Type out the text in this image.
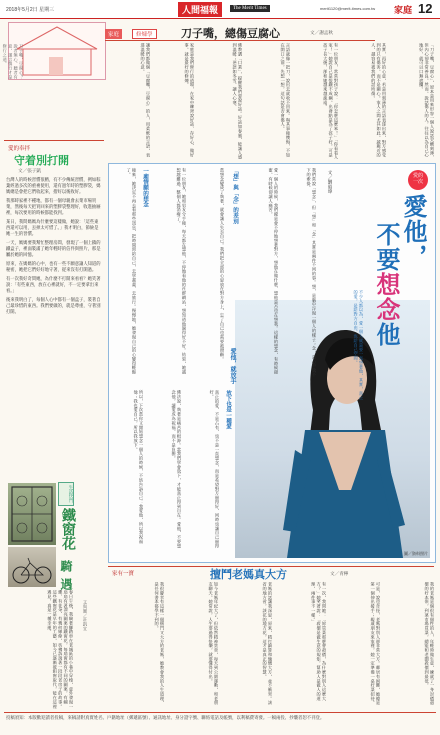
2018年5月2日 星期三	人間福報	The Merit Times	merit1120@merit-times.com.tw 家庭 12
家庭	修煉學	刀子嘴，總傷豆腐心	文／謝孟秋
刀子嘴，豆腐心？說者無心，聽者有意，謹言慎行才是修行之道。	「刀子嘴，豆腐心」，原本是用來形容一個人說話尖酸刻薄，但內心卻非常善良。然而，說話傷人的人，往往以為自己心地好，就可以口無遮攔。
其實，再好的心意，若是用刻薄的言語表達出來，對方感受到的只有傷害，而不是關心。家人之間尤其如此，越親近的人，越容易被我們的話所傷。
有一位朋友，常常對孩子說：「你怎麼這麼笨！」「你看看人家！」她說自己是恨鐵不成鋼，出發點是為了孩子好。可是孩子長大後，卻和她越來越疏遠。
言語就像一把刀，說出去就收不回來。與其事後懊悔，不如在開口之前，先想一想，這句話是否會傷人。
佛教講「口業」，提醒我們要說好話。好話如春風，能讓人感到溫暖；惡語如冬雪，讓人心寒。
家庭是我們修行的道場，在家中練習說好話、存好心、做好事，就是最好的修煉。
讓我們都做個「豆腐嘴，豆腐心」的人，用柔軟的言語，表達溫暖的心意。
愛的奉拌
守着別打開
文／張子凱

台灣人的時候習慣很精，有不少傳統習慣，例如粽葉經過多次的重複使用，還有過年時的塑膠袋，媽媽總是會把它們收起來，摺好以後收好。

我那時家裡不種地，都有一個母親會去菜市場買菜，然後每天把買回來的塑膠袋整理好，收進抽屜裡，每次要用的時候都能找到。

某日，我問媽媽為什麼要這樣做，她說：「這些東西還可以用，丟掉太可惜了。」我才明白，節儉是她一生的習慣。

一天，媽媽要我幫忙整理房間，發現了一個上鎖的鐵盒子，裡面裝滿了她年輕時的信件與照片，那是屬於她的回憶。

原來，在媽媽的心中，也有一些不願意讓人知道的秘密，她把它們好好地守著，從來沒有打開過。

有一次我好奇問她，為什麼不打開來看看？她笑著說：「有些東西，放在心裡就好，不一定要拿出來看。」

後來我明白了，每個人心中都有一個盒子，裝著自己最珍惜的東西。我們要做的，就是尊重，守著別打開。

圖／資料照片
愛的
一次
愛他，
不要想念他
文／劉昭瑋
不少人都以為，愛一個人就是要一直想著他，其實，真正的愛，是給對方自由，也給自己空間。
我們常說「想念」，但「想」和「念」其實是兩件不同的事。想，是腦中浮現一個人的樣子；念，是心中放不下的牽掛。
愛一個人的時候，我們總是會不停地想著對方，想他在做什麼、想他是否也在想我。這樣的想念，有時候甜蜜，有時候卻讓人痛苦。
「想」與「念」的差別
當想念變成了執著，就會讓人失去自己。我們把全部的心思放在對方身上，忘了自己也需要被照顧。
有一位朋友，她和男友分手後，每天都在想他，不停地看他的社群網站，想知道他過得好不好。結果，她越想越難過，整個人都消瘦了。
一廂情願的想念
後來，她決定不再去看那些訊息，把時間留給自己，去學畫畫、去旅行。慢慢地，她發現自己的心變得輕鬆了。
放下也是一種愛
真正的愛，不是占有，也不是一直想念，而是希望對方過得好，同時也讓自己過得好。
佛法說，執著是痛苦的根源。當我們學會放下，才能真正得到自在。愛他，不要想念他，讓愛成為祝福，而不是負擔。
所以，下次當你又開始想念一個人的時候，不妨告訴自己：我愛他，所以我祝福他；我也愛自己，所以我放下。
愛他，就放手
生活快門
鐵窗花
騎
遇
文與圖／莊凱宜
春日午後，我騎著腳踏車在老城區的小巷中穿梭，意外發現一扇扇有著漂亮圖案的鐵窗花，每扇窗都有不同的圖案，有蝴蝶、有花朵、有幾何線條，彷彿訴說著一段段老房子的故事。這些鐵窗花是早年的工藝，如今已逐漸被鋁窗取代，能在這裡遇見，真是一種幸運。
家有一寶	擅鬥老媽真大方	文／青檸
我的老媽是個很有個性的人，年輕時做生意，練就了一身討價還價的好本領，到菜市場買菜，總能和老闆殺價到最低。
可是，說也奇怪，老媽對別人卻非常大方。鄰居有困難，她總是第一個伸出援手；親戚朋友來家裡，她一定準備一桌好菜招待。
有一次，我問她：「妳買菜那麼會殺價，為什麼對別人這麼大方？」她笑著說：「殺價是做生意的規矩，幫助人是做人的道理，兩件事不一樣。」
老媽的話讓我深思，原來，精打細算和慷慨大方，並不衝突。該省的地方省，該花的地方花，這才是真正的智慧。
如今老媽年紀大了，但依然精神奕奕，每天到公園運動，和老朋友聊天。她常說，人生要過得快樂，就要懂得付出。
我很慶幸有這樣一個擅鬥又大方的老媽，她教會我的人生道理，是任何書本都學不到的。
投稿須知：本版歡迎讀者投稿，來稿請附真實姓名、戶籍地址（郵遞區號）、通訊地址、身分證字號、聯絡電話及帳號，以利稿費寄發。一稿兩投、抄襲者恕不刊登。
